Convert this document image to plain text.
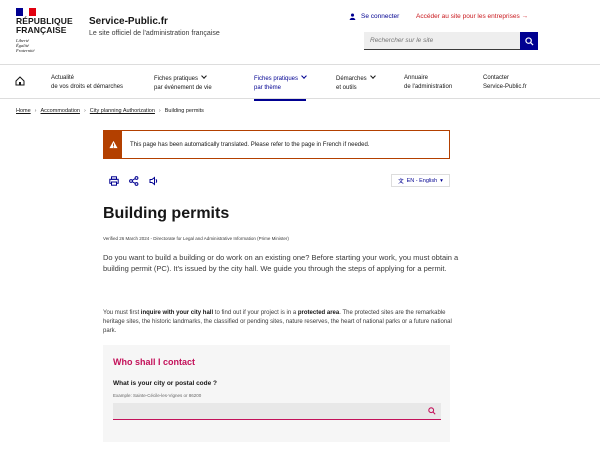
RÉPUBLIQUE
FRANÇAISE
Liberté
Égalité
Fraternité
Service-Public.fr
Le site officiel de l'administration française
Se connecter	Accéder au site pour les entreprises →
Rechercher sur le site
Actualité
de vos droits et démarches
Fiches pratiques
par événement de vie
Fiches pratiques
par thème
Démarches
et outils
Annuaire
de l'administration
Contacter
Service-Public.fr
Home › Accommodation › City planning Authorization › Building permits
This page has been automatically translated. Please refer to the page in French if needed.
文 EN - English ▾
Building permits
Verified 26 March 2024 - Directorate for Legal and Administrative Information (Prime Minister)

Do you want to build a building or do work on an existing one? Before starting your work, you must obtain a building permit (PC). It's issued by the city hall. We guide you through the steps of applying for a permit.

You must first inquire with your city hall to find out if your project is in a protected area. The protected sites are the remarkable heritage sites, the historic landmarks, the classified or pending sites, nature reserves, the heart of national parks or a future national park.

Who shall I contact
What is your city or postal code ?
Example: Sainte-Cécile-les-Vignes or 86200
